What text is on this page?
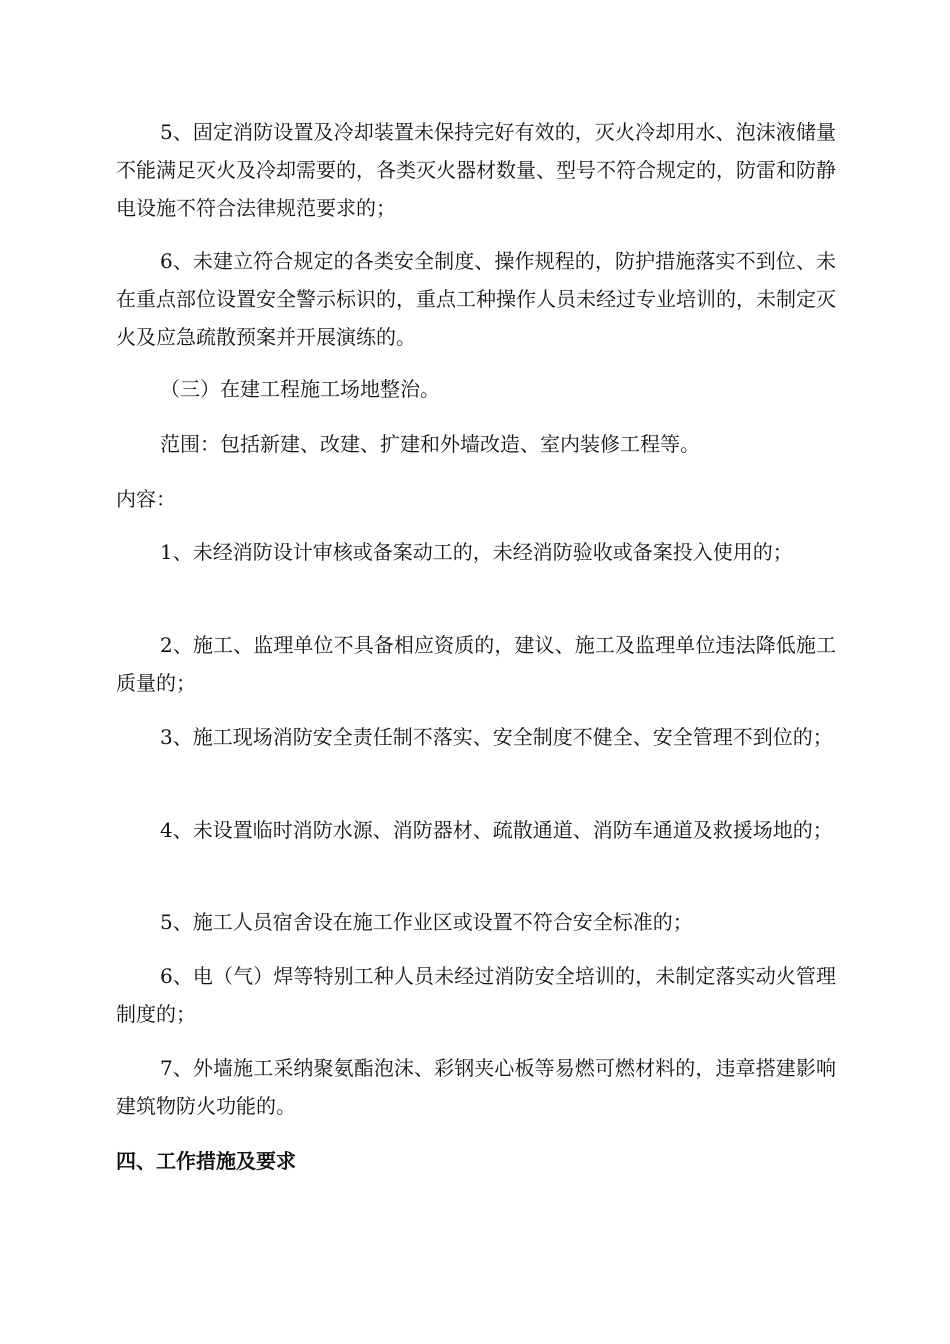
5、固定消防设置及冷却装置未保持完好有效的，灭火冷却用水、泡沫液储量不能满足灭火及冷却需要的，各类灭火器材数量、型号不符合规定的，防雷和防静电设施不符合法律规范要求的；

6、未建立符合规定的各类安全制度、操作规程的，防护措施落实不到位、未在重点部位设置安全警示标识的，重点工种操作人员未经过专业培训的，未制定灭火及应急疏散预案并开展演练的。

（三）在建工程施工场地整治。

范围：包括新建、改建、扩建和外墙改造、室内装修工程等。

内容：

1、未经消防设计审核或备案动工的，未经消防验收或备案投入使用的；

2、施工、监理单位不具备相应资质的，建议、施工及监理单位违法降低施工质量的；

3、施工现场消防安全责任制不落实、安全制度不健全、安全管理不到位的；

4、未设置临时消防水源、消防器材、疏散通道、消防车通道及救援场地的；

5、施工人员宿舍设在施工作业区或设置不符合安全标准的；

6、电（气）焊等特别工种人员未经过消防安全培训的，未制定落实动火管理制度的；

7、外墙施工采纳聚氨酯泡沫、彩钢夹心板等易燃可燃材料的，违章搭建影响建筑物防火功能的。

四、工作措施及要求
